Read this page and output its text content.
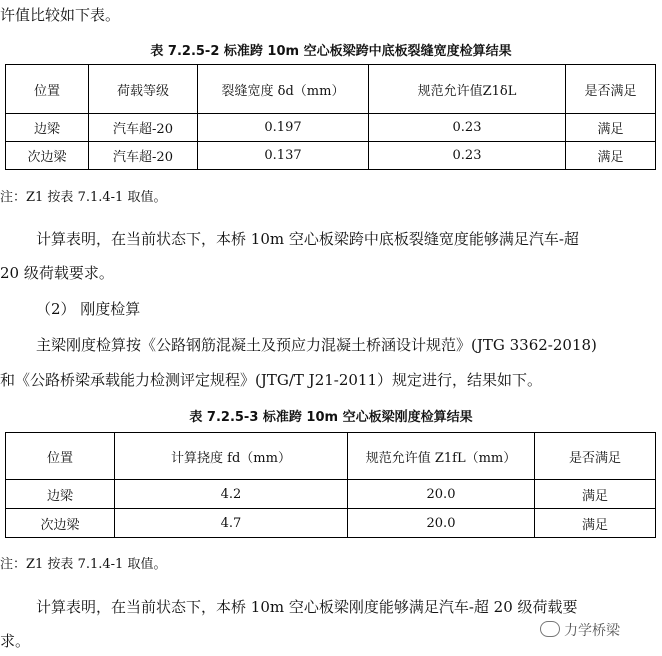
许值比较如下表。
表 7.2.5-2 标准跨 10m 空心板梁跨中底板裂缝宽度检算结果
位置	荷载等级	裂缝宽度 δd（mm）	规范允许值Z1δL	是否满足
边梁	汽车超-20	0.197	0.23	满足
次边梁	汽车超-20	0.137	0.23	满足
注：Z1 按表 7.1.4-1 取值。
计算表明，在当前状态下，本桥 10m 空心板梁跨中底板裂缝宽度能够满足汽车-超
20 级荷载要求。
（2） 刚度检算
主梁刚度检算按《公路钢筋混凝土及预应力混凝土桥涵设计规范》(JTG 3362-2018)
和《公路桥梁承载能力检测评定规程》(JTG/T J21-2011）规定进行，结果如下。
表 7.2.5-3 标准跨 10m 空心板梁刚度检算结果
位置	计算挠度 fd（mm）	规范允许值 Z1fL（mm）	是否满足
边梁	4.2	20.0	满足
次边梁	4.7	20.0	满足
注：Z1 按表 7.1.4-1 取值。
计算表明，在当前状态下，本桥 10m 空心板梁刚度能够满足汽车-超 20 级荷载要
求。
力学桥梁
